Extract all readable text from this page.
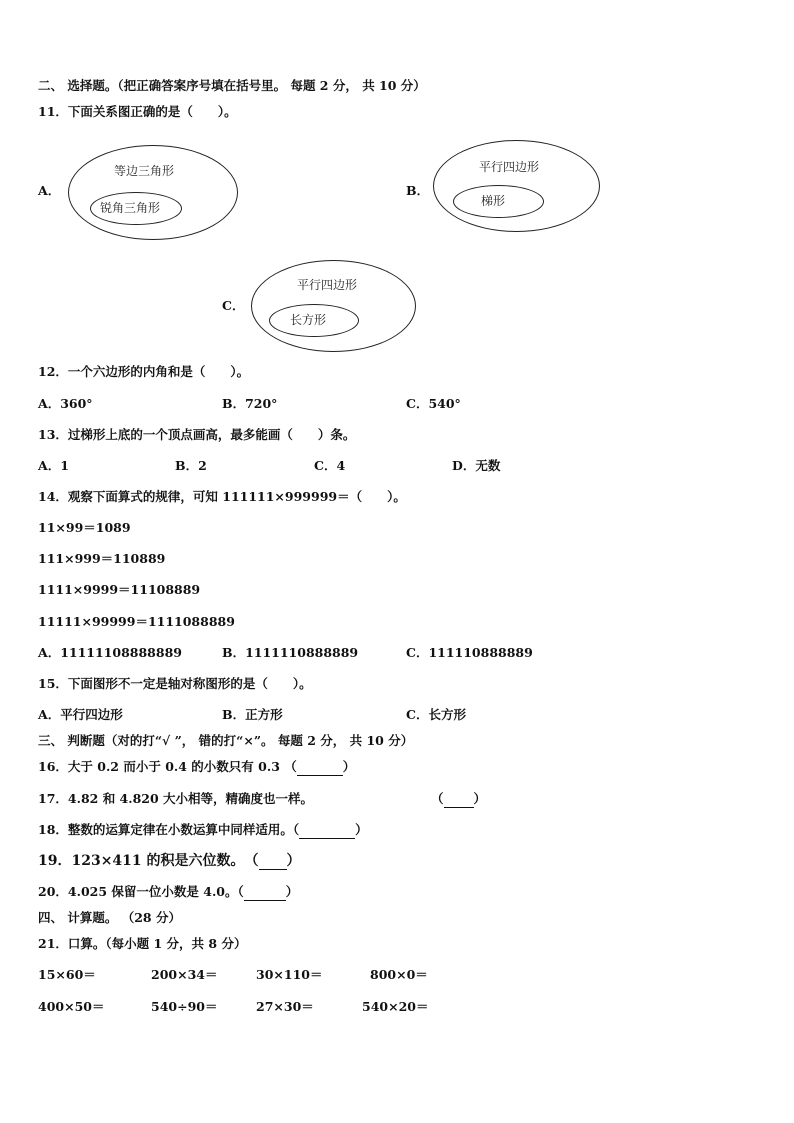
二、 选择题。（把正确答案序号填在括号里。 每题 2 分， 共 10 分）
11．下面关系图正确的是（　　）。
A．
等边三角形
锐角三角形
B．
平行四边形
梯形
C．
平行四边形
长方形
12．一个六边形的内角和是（　　）。
A．360°	B．720°	C．540°
13．过梯形上底的一个顶点画高，最多能画（　　）条。
A．1	B．2	C．4	D．无数
14．观察下面算式的规律，可知 111111×999999＝（　　）。
11×99＝1089
111×999＝110889
1111×9999＝11108889
11111×99999＝1111088889
A．11111108888889	B．1111110888889	C．111110888889
15．下面图形不一定是轴对称图形的是（　　）。
A．平行四边形	B．正方形	C．长方形
三、 判断题（对的打“√ ”， 错的打“×”。 每题 2 分， 共 10 分）
16．大于 0.2 而小于 0.4 的小数只有 0.3 （	）
17．4.82 和 4.820 大小相等，精确度也一样。	（ ）
18．整数的运算定律在小数运算中同样适用。（	）
19．123×411 的积是六位数。　（ ）
20．4.025 保留一位小数是 4.0。（	）
四、 计算题。 （28 分）
21．口算。（每小题 1 分，共 8 分）
15×60＝	200×34＝	30×110＝	800×0＝
400×50＝	540÷90＝	27×30＝	540×20＝
